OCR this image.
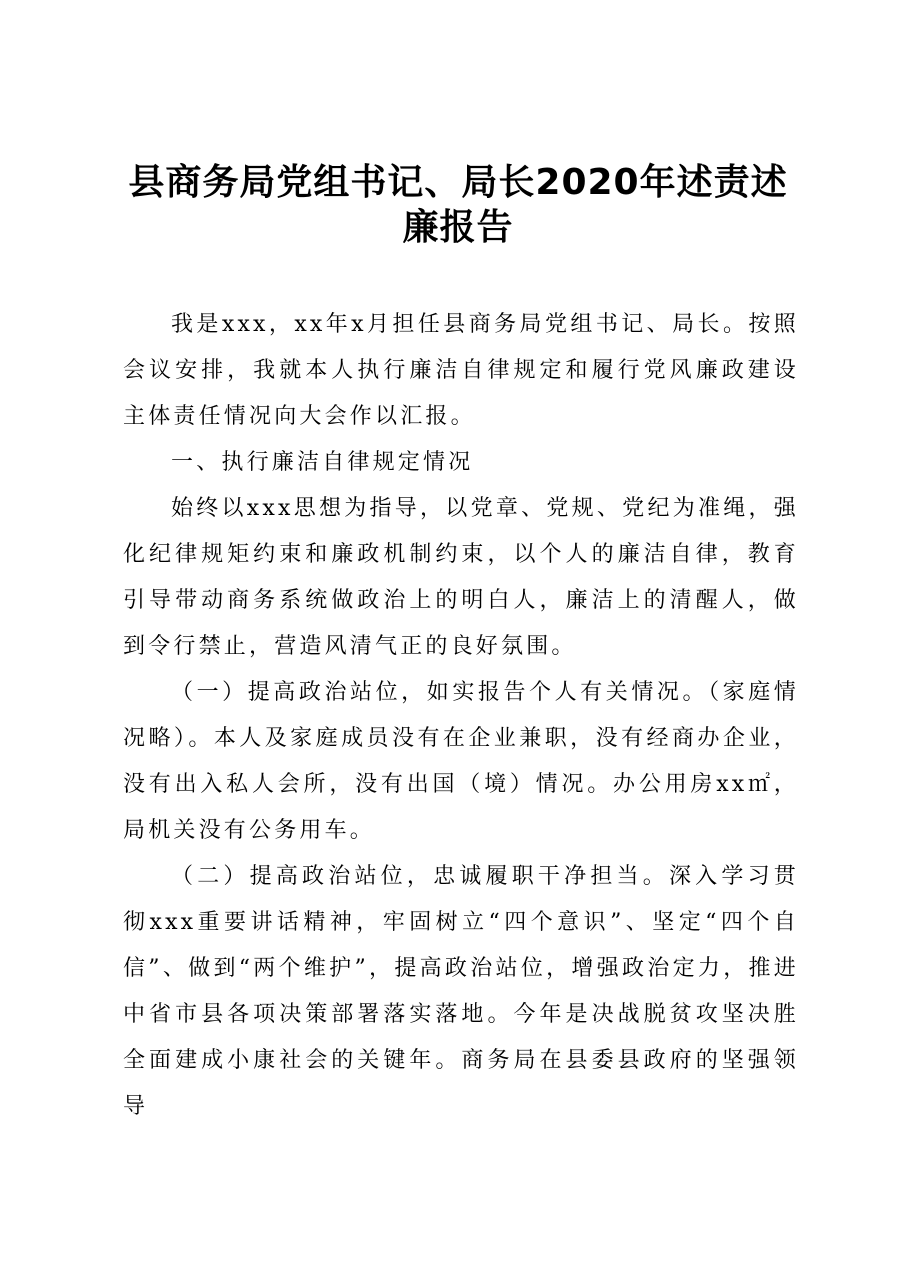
县商务局党组书记、局长2020年述责述廉报告

我是xxx，xx年x月担任县商务局党组书记、局长。按照会议安排，我就本人执行廉洁自律规定和履行党风廉政建设主体责任情况向大会作以汇报。

一、执行廉洁自律规定情况

始终以xxx思想为指导，以党章、党规、党纪为准绳，强化纪律规矩约束和廉政机制约束，以个人的廉洁自律，教育引导带动商务系统做政治上的明白人，廉洁上的清醒人，做到令行禁止，营造风清气正的良好氛围。

（一）提高政治站位，如实报告个人有关情况。（家庭情况略）。本人及家庭成员没有在企业兼职，没有经商办企业，没有出入私人会所，没有出国（境）情况。办公用房xx㎡，局机关没有公务用车。

（二）提高政治站位，忠诚履职干净担当。深入学习贯彻xxx重要讲话精神，牢固树立“四个意识”、坚定“四个自信”、做到“两个维护”，提高政治站位，增强政治定力，推进中省市县各项决策部署落实落地。今年是决战脱贫攻坚决胜全面建成小康社会的关键年。商务局在县委县政府的坚强领导
